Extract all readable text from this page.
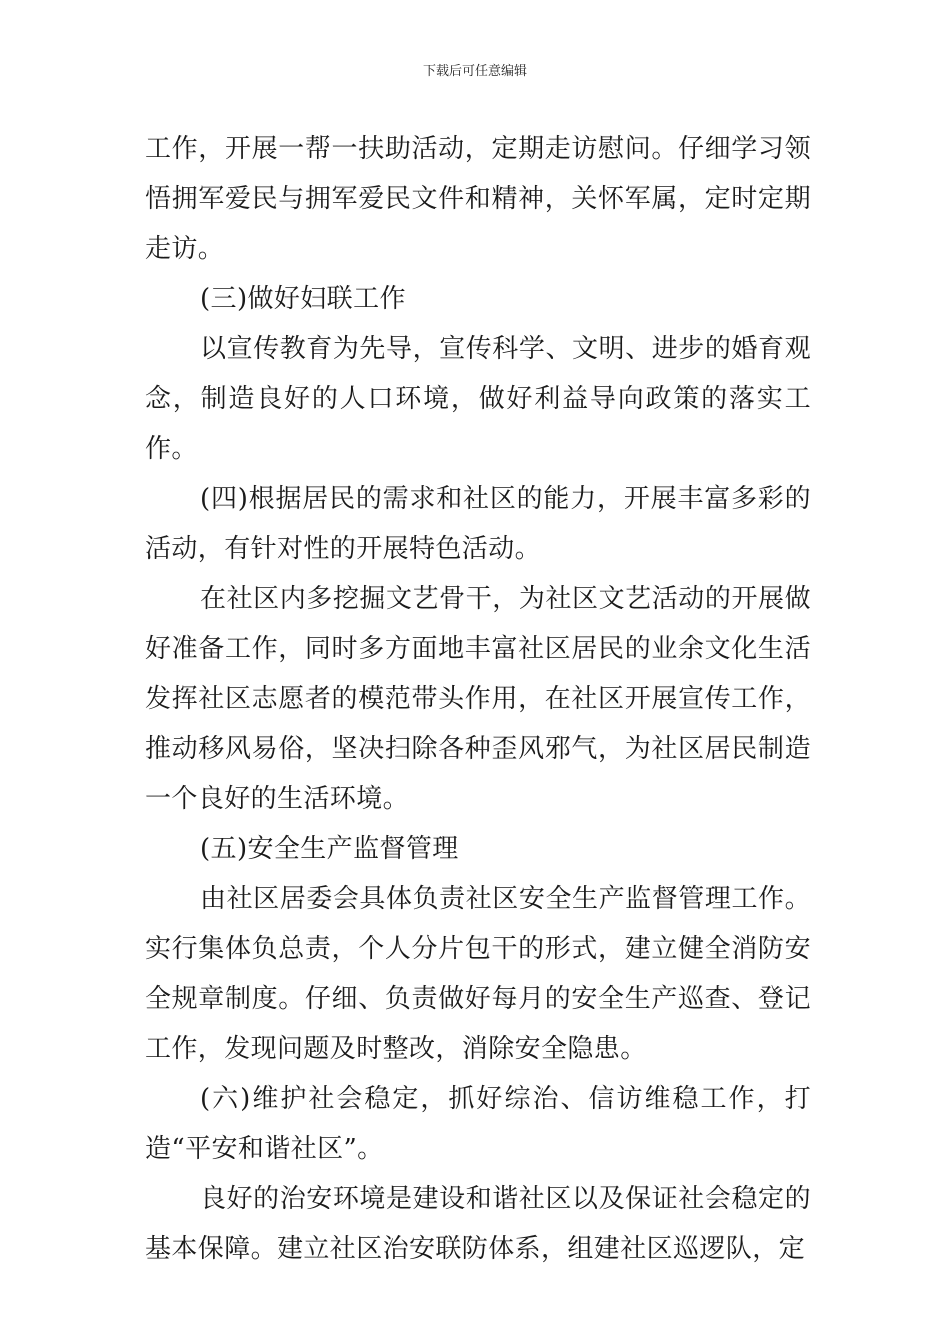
下载后可任意编辑

工作，开展一帮一扶助活动，定期走访慰问。仔细学习领悟拥军爱民与拥军爱民文件和精神，关怀军属，定时定期走访。

(三)做好妇联工作

以宣传教育为先导，宣传科学、文明、进步的婚育观念，制造良好的人口环境，做好利益导向政策的落实工作。

(四)根据居民的需求和社区的能力，开展丰富多彩的活动，有针对性的开展特色活动。

在社区内多挖掘文艺骨干，为社区文艺活动的开展做好准备工作，同时多方面地丰富社区居民的业余文化生活发挥社区志愿者的模范带头作用，在社区开展宣传工作，推动移风易俗，坚决扫除各种歪风邪气，为社区居民制造一个良好的生活环境。

(五)安全生产监督管理

由社区居委会具体负责社区安全生产监督管理工作。实行集体负总责，个人分片包干的形式，建立健全消防安全规章制度。仔细、负责做好每月的安全生产巡查、登记工作，发现问题及时整改，消除安全隐患。

(六)维护社会稳定，抓好综治、信访维稳工作，打造“平安和谐社区”。

良好的治安环境是建设和谐社区以及保证社会稳定的基本保障。建立社区治安联防体系，组建社区巡逻队，定
